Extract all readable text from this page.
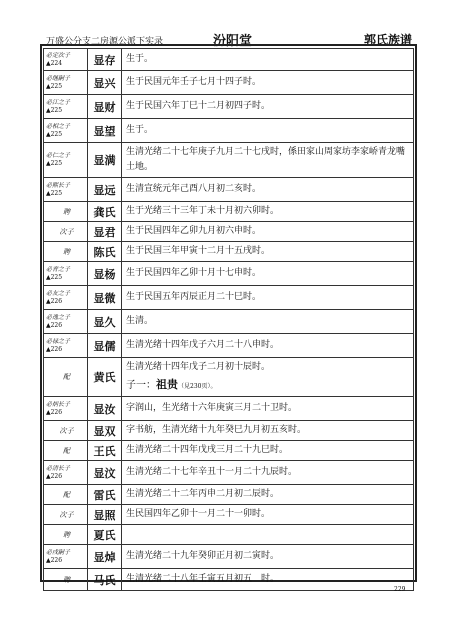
万盛公分支二房源公派下实录	汾阳堂	郭氏族谱
必定次子
▲224	显存	生于。

必继嗣子
▲225	显兴	生于民国元年壬子七月十四子时。

必江之子
▲225	显财	生于民国六年丁巳十二月初四子时。

必相之子
▲225	显望	生于。

必仁之子
▲225	显满	生清光绪二十七年庚子九月二十七戌时，係田家山周家坊李家峤青龙嘴土地。

必熙长子
▲225	显远	生清宣统元年己酉八月初二亥时。

聘	龚氏	生于光绪三十三年丁未十月初六卯时。

次子	显君	生于民国四年乙卯九月初六申时。

聘	陈氏	生于民国三年甲寅十二月十五戌时。

必青之子
▲225	显杨	生于民国四年乙卯十月十七申时。

必友之子
▲226	显微	生于民国五年丙辰正月二十巳时。

必逸之子
▲226	显久	生清。

必禄之子
▲226	显儒	生清光绪十四年戊子六月二十八申时。

配	黄氏	生清光绪十四年戊子二月初十辰时。
子一：祖贵（見230页）。

必炳长子
▲226	显汝	字润山，生光绪十六年庚寅三月二十卫时。

次子	显双	字书舫，生清光绪十九年癸巳九月初五亥时。

配	王氏	生清光绪二十四年戊戌三月二十九巳时。

必清长子
▲226	显汶	生清光绪二十七年辛丑十一月二十九辰时。

配	雷氏	生清光绪二十二年丙申二月初二辰时。

次子	显照	生民国四年乙卯十一月二十一卯时。

聘	夏氏	

必戌嗣子
▲226	显焯	生清光绪二十九年癸卯正月初二寅时。

聘	马氏	生清光绪二十八年壬寅五月初五　时。
229
